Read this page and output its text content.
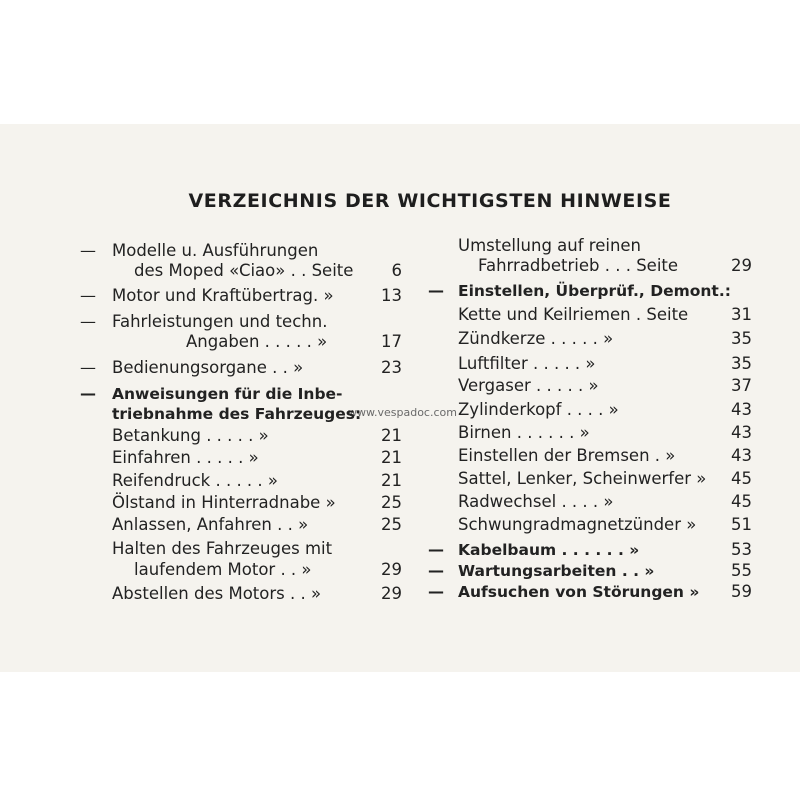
VERZEICHNIS DER WICHTIGSTEN HINWEISE
www.vespadoc.com
— Modelle u. Ausführungen
des Moped «Ciao» . . Seite	6
— Motor und Kraftübertrag. »	13
— Fahrleistungen und techn.
Angaben . . . . . »	17
— Bedienungsorgane . . »	23
— Anweisungen für die Inbe-
triebnahme des Fahrzeuges:
Betankung . . . . . »	21
Einfahren . . . . . »	21
Reifendruck . . . . . »	21
Ölstand in Hinterradnabe »	25
Anlassen, Anfahren . . »	25
Halten des Fahrzeuges mit
laufendem Motor . . »	29
Abstellen des Motors . . »	29
Umstellung auf reinen
Fahrradbetrieb . . . Seite	29
— Einstellen, Überprüf., Demont.:
Kette und Keilriemen . Seite	31
Zündkerze . . . . . »	35
Luftfilter . . . . . »	35
Vergaser . . . . . »	37
Zylinderkopf . . . . »	43
Birnen . . . . . . »	43
Einstellen der Bremsen . »	43
Sattel, Lenker, Scheinwerfer »	45
Radwechsel . . . . »	45
Schwungradmagnetzünder »	51
— Kabelbaum . . . . . . »	53
— Wartungsarbeiten . . »	55
— Aufsuchen von Störungen »	59
